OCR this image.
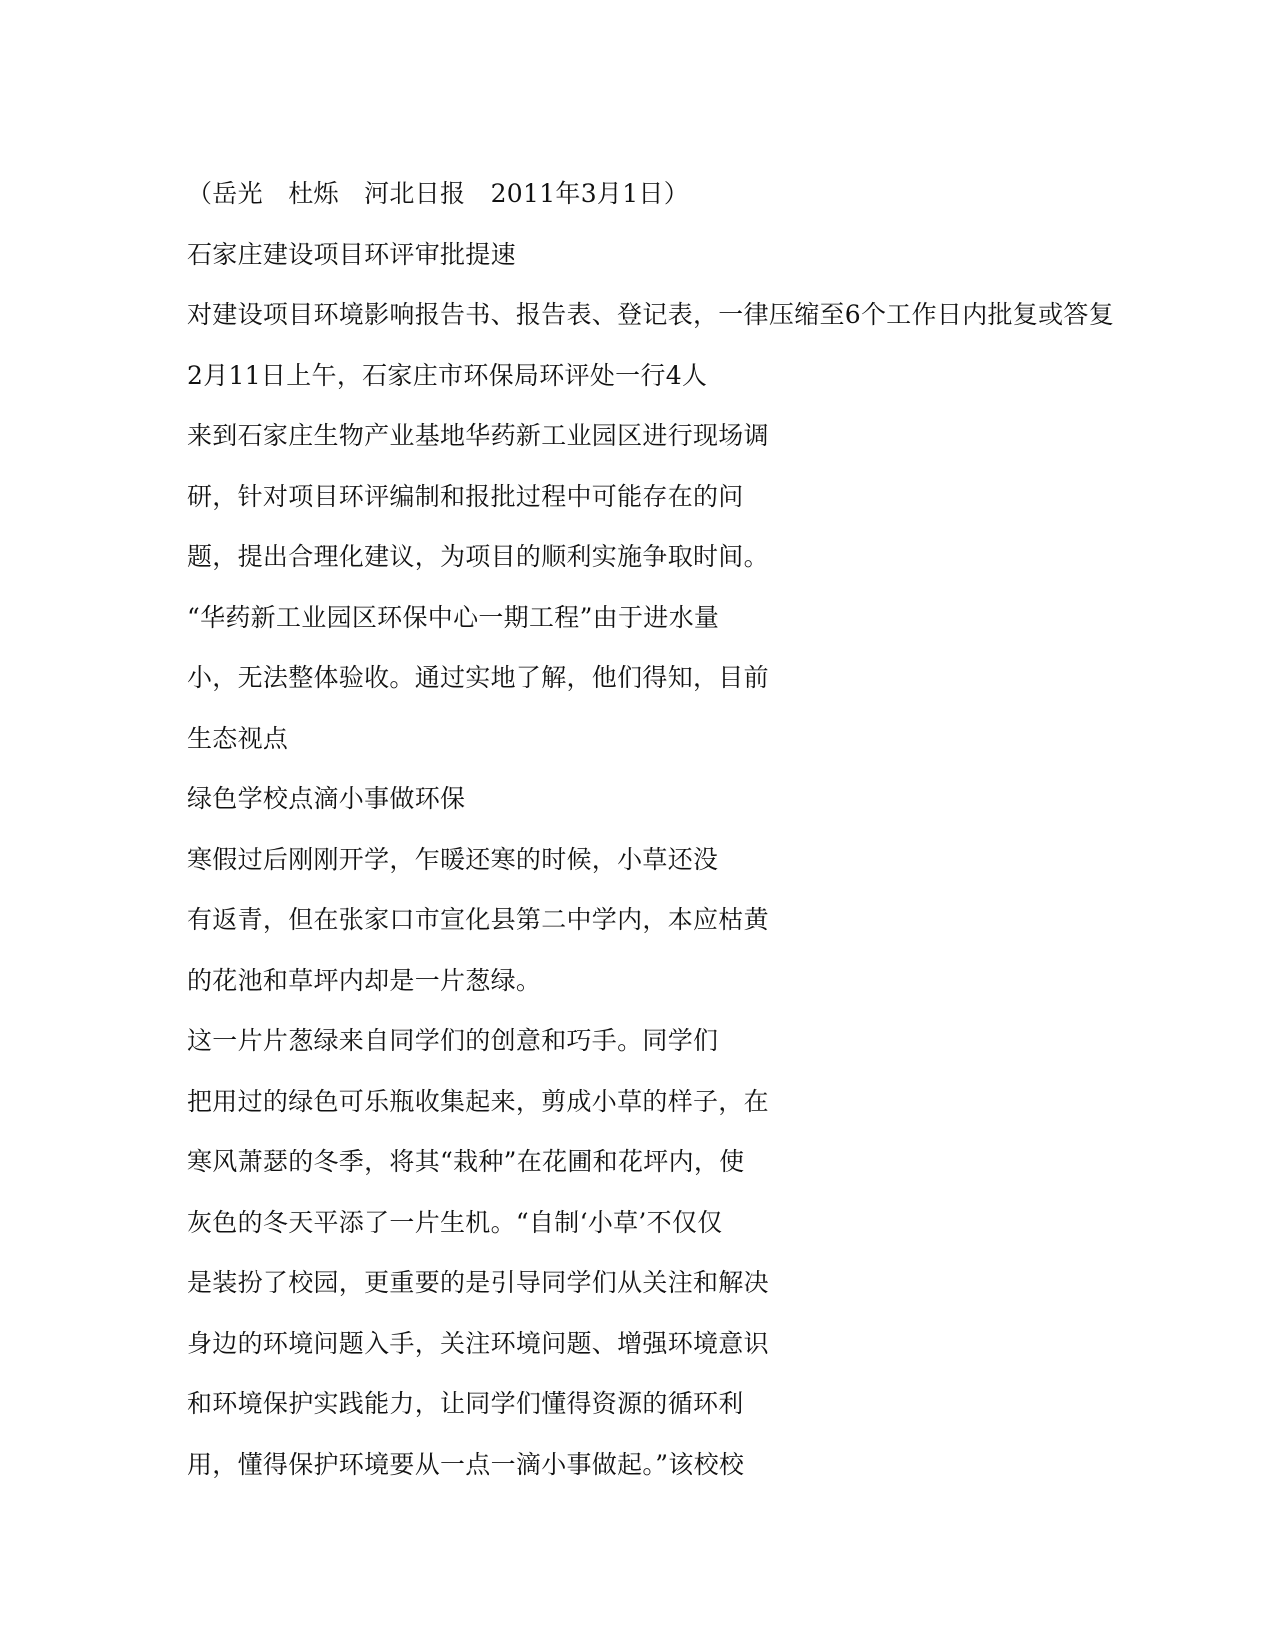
（岳光　杜烁　河北日报　2011年3月1日）
石家庄建设项目环评审批提速
对建设项目环境影响报告书、报告表、登记表，一律压缩至6个工作日内批复或答复
2月11日上午，石家庄市环保局环评处一行4人
来到石家庄生物产业基地华药新工业园区进行现场调
研，针对项目环评编制和报批过程中可能存在的问
题，提出合理化建议，为项目的顺利实施争取时间。
“华药新工业园区环保中心一期工程”由于进水量
小，无法整体验收。通过实地了解，他们得知，目前
生态视点
绿色学校点滴小事做环保
寒假过后刚刚开学，乍暖还寒的时候，小草还没
有返青，但在张家口市宣化县第二中学内，本应枯黄
的花池和草坪内却是一片葱绿。
这一片片葱绿来自同学们的创意和巧手。同学们
把用过的绿色可乐瓶收集起来，剪成小草的样子，在
寒风萧瑟的冬季，将其“栽种”在花圃和花坪内，使
灰色的冬天平添了一片生机。“自制‘小草’不仅仅
是装扮了校园，更重要的是引导同学们从关注和解决
身边的环境问题入手，关注环境问题、增强环境意识
和环境保护实践能力，让同学们懂得资源的循环利
用，懂得保护环境要从一点一滴小事做起。”该校校
